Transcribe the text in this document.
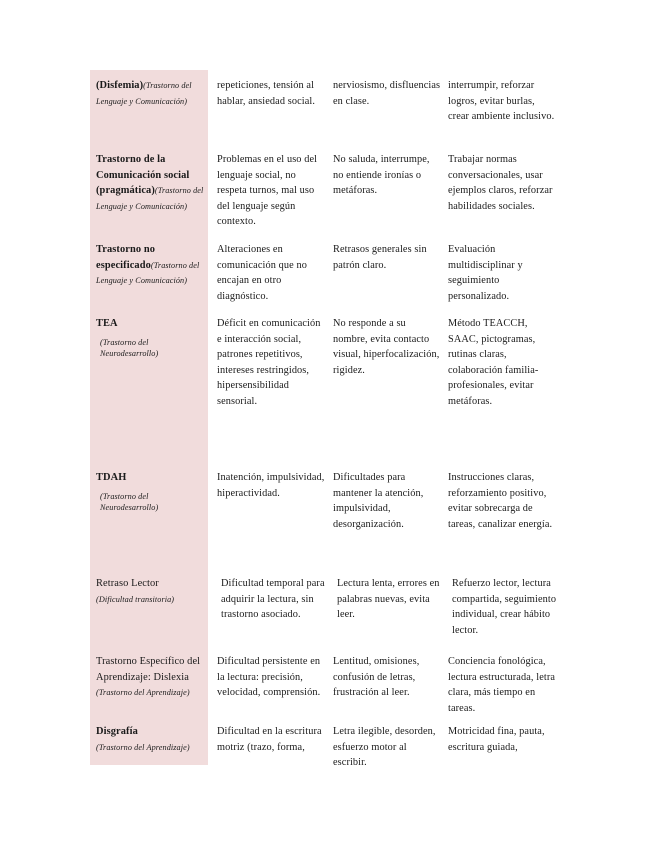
(Disfemia)(Trastorno del Lenguaje y Comunicación)
repeticiones, tensión al hablar, ansiedad social.
nerviosismo, disfluencias en clase.
interrumpir, reforzar logros, evitar burlas, crear ambiente inclusivo.
Trastorno de la Comunicación social (pragmática)(Trastorno del Lenguaje y Comunicación)
Problemas en el uso del lenguaje social, no respeta turnos, mal uso del lenguaje según contexto.
No saluda, interrumpe, no entiende ironías o metáforas.
Trabajar normas conversacionales, usar ejemplos claros, reforzar habilidades sociales.
Trastorno no especificado(Trastorno del Lenguaje y Comunicación)
Alteraciones en comunicación que no encajan en otro diagnóstico.
Retrasos generales sin patrón claro.
Evaluación multidisciplinar y seguimiento personalizado.
TEA
(Trastorno del Neurodesarrollo)
Déficit en comunicación e interacción social, patrones repetitivos, intereses restringidos, hipersensibilidad sensorial.
No responde a su nombre, evita contacto visual, hiperfocalización, rigidez.
Método TEACCH, SAAC, pictogramas, rutinas claras, colaboración familia-profesionales, evitar metáforas.
TDAH
(Trastorno del Neurodesarrollo)
Inatención, impulsividad, hiperactividad.
Dificultades para mantener la atención, impulsividad, desorganización.
Instrucciones claras, reforzamiento positivo, evitar sobrecarga de tareas, canalizar energía.
Retraso Lector
(Dificultad transitoria)
Dificultad temporal para adquirir la lectura, sin trastorno asociado.
Lectura lenta, errores en palabras nuevas, evita leer.
Refuerzo lector, lectura compartida, seguimiento individual, crear hábito lector.
Trastorno Específico del Aprendizaje: Dislexia
(Trastorno del Aprendizaje)
Dificultad persistente en la lectura: precisión, velocidad, comprensión.
Lentitud, omisiones, confusión de letras, frustración al leer.
Conciencia fonológica, lectura estructurada, letra clara, más tiempo en tareas.
Disgrafía
(Trastorno del Aprendizaje)
Dificultad en la escritura motriz (trazo, forma,
Letra ilegible, desorden, esfuerzo motor al escribir.
Motricidad fina, pauta, escritura guiada,
